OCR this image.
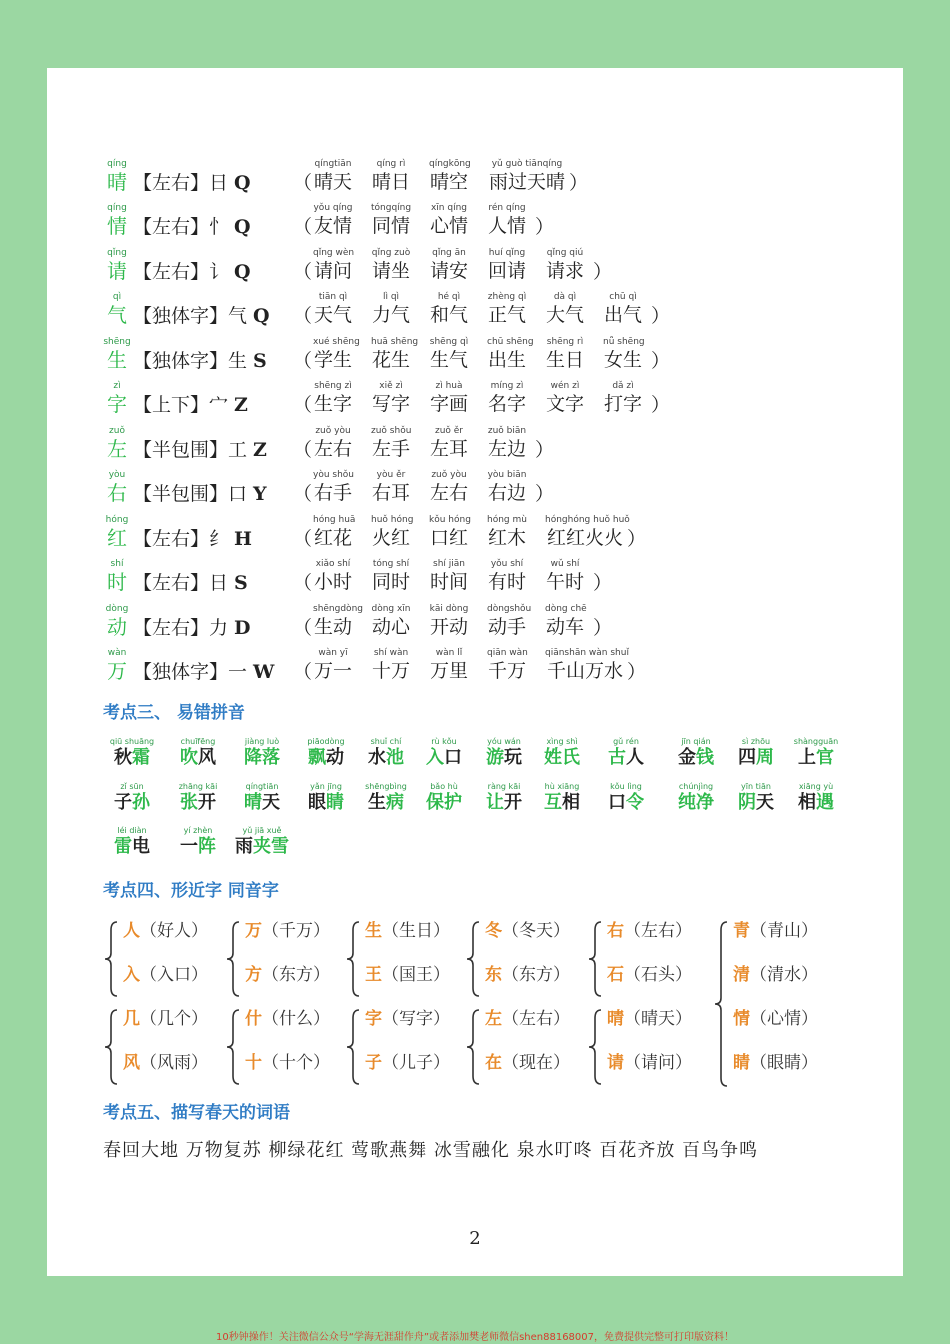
qíng
晴 【左右】日 Q （
qíngtiān
晴天
qíng rì
晴日
qíngkōng
晴空
yǔ guò tiānqíng
雨过天晴 ）
qíng
情 【左右】忄 Q （
yǒu qíng
友情
tóngqíng
同情
xīn qíng
心情
rén qíng
人情 ）
qǐng
请 【左右】讠 Q （
qǐng wèn
请问
qǐng zuò
请坐
qǐng ān
请安
huí qǐng
回请
qǐng qiú
请求 ）
qì
气 【独体字】气 Q （
tiān qì
天气
lì qì
力气
hé qì
和气
zhèng qì
正气
dà qì
大气
chū qì
出气 ）
shēng
生 【独体字】生 S （
xué shēng
学生
huā shēng
花生
shēng qì
生气
chū shēng
出生
shēng rì
生日
nǚ shēng
女生 ）
zì
字 【上下】宀 Z （
shēng zì
生字
xiě zì
写字
zì huà
字画
míng zì
名字
wén zì
文字
dǎ zì
打字 ）
zuǒ
左 【半包围】工 Z （
zuǒ yòu
左右
zuǒ shǒu
左手
zuǒ ěr
左耳
zuǒ biān
左边 ）
yòu
右 【半包围】口 Y （
yòu shǒu
右手
yòu ěr
右耳
zuǒ yòu
左右
yòu biān
右边 ）
hóng
红 【左右】纟 H （
hóng huā
红花
huǒ hóng
火红
kǒu hóng
口红
hóng mù
红木
hónghóng huǒ huǒ
红红火火 ）
shí
时 【左右】日 S （
xiǎo shí
小时
tóng shí
同时
shí jiān
时间
yǒu shí
有时
wǔ shí
午时 ）
dòng
动 【左右】力 D （
shēngdòng
生动
dòng xīn
动心
kāi dòng
开动
dòngshǒu
动手
dòng chē
动车 ）
wàn
万 【独体字】一 W （
wàn yī
万一
shí wàn
十万
wàn lǐ
万里
qiān wàn
千万
qiānshān wàn shuǐ
千山万水 ）
考点三、 易错拼音
qiū shuāng
秋霜
chuīfēng
吹风
jiàng luò
降落
piāodòng
飘动
shuǐ chí
水池
rù kǒu
入口
yóu wán
游玩
xìng shì
姓氏
gǔ rén
古人
jīn qián
金钱
sì zhōu
四周
shàngguān
上官
zǐ sūn
子孙
zhāng kāi
张开
qíngtiān
晴天
yǎn jīng
眼睛
shēngbìng
生病
bǎo hù
保护
ràng kāi
让开
hù xiāng
互相
kǒu lìng
口令
chúnjìng
纯净
yīn tiān
阴天
xiāng yù
相遇
léi diàn
雷电
yí zhèn
一阵
yǔ jiā xuě
雨夹雪
考点四、形近字 同音字
人（好人）
入（入口）
万（千万）
方（东方）
生（生日）
王（国王）
冬（冬天）
东（东方）
右（左右）
石（石头）
青（青山）
清（清水）
情（心情）
睛（眼睛）
几（几个）
风（风雨）
什（什么）
十（十个）
字（写字）
子（儿子）
左（左右）
在（现在）
晴（晴天）
请（请问）
考点五、描写春天的词语
春回大地 万物复苏 柳绿花红 莺歌燕舞 冰雪融化 泉水叮咚 百花齐放 百鸟争鸣
2
10秒钟操作！关注微信公众号“学海无涯甜作舟”或者添加樊老师微信shen88168007，免费提供完整可打印版资料！
